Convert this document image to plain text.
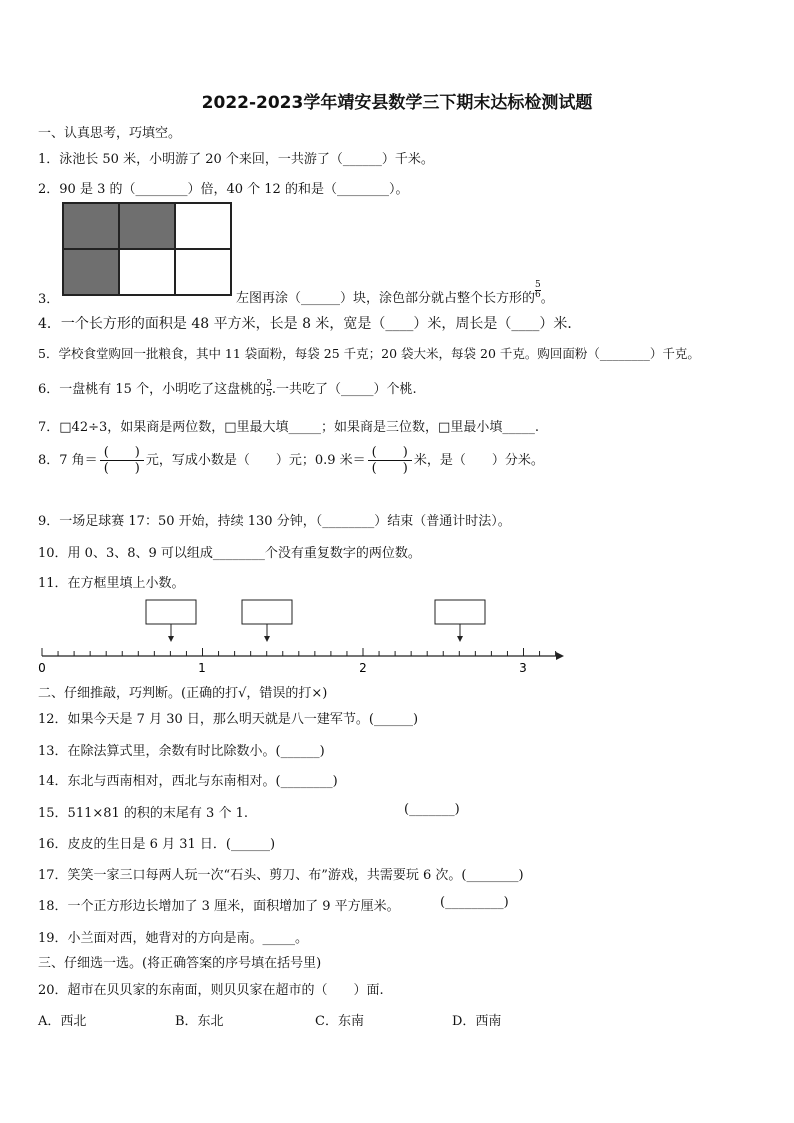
2022-2023学年靖安县数学三下期末达标检测试题
一、认真思考，巧填空。
1．泳池长 50 米，小明游了 20 个来回，一共游了（______）千米。
2．90 是 3 的（________）倍，40 个 12 的和是（________）。
3．	左图再涂（______）块，涂色部分就占整个长方形的 $\frac{5}{6}$ 。
4．一个长方形的面积是 48 平方米，长是 8 米，宽是（____）米，周长是（____）米．
5．学校食堂购回一批粮食，其中 11 袋面粉，每袋 25 千克；20 袋大米，每袋 20 千克。购回面粉（________）千克。
6．一盘桃有 15 个，小明吃了这盘桃的 $\frac{3}{5}$ .一共吃了（_____）个桃.
7．□42÷3，如果商是两位数，□里最大填_____；如果商是三位数，□里最小填_____.
8．7 角＝ $\frac{( )}{( )}$ 元，写成小数是（　　）元；0.9 米＝ $\frac{( )}{( )}$ 米，是（　　）分米。
9．一场足球赛 17：50 开始，持续 130 分钟，（________）结束（普通计时法）。
10．用 0、3、8、9 可以组成________个没有重复数字的两位数。
11．在方框里填上小数。
0	1	2	3
二、仔细推敲，巧判断。(正确的打√，错误的打×)
12．如果今天是 7 月 30 日，那么明天就是八一建军节。(______)
13．在除法算式里，余数有时比除数小。(______)
14．东北与西南相对，西北与东南相对。(________)
15．511×81 的积的末尾有 3 个 1.	(_______)
16．皮皮的生日是 6 月 31 日．(______)
17．笑笑一家三口每两人玩一次“石头、剪刀、布”游戏，共需要玩 6 次。(________)
18．一个正方形边长增加了 3 厘米，面积增加了 9 平方厘米。	(_________)
19．小兰面对西，她背对的方向是南。_____。
三、仔细选一选。(将正确答案的序号填在括号里)
20．超市在贝贝家的东南面，则贝贝家在超市的（　　）面.
A．西北	B．东北	C．东南	D．西南
